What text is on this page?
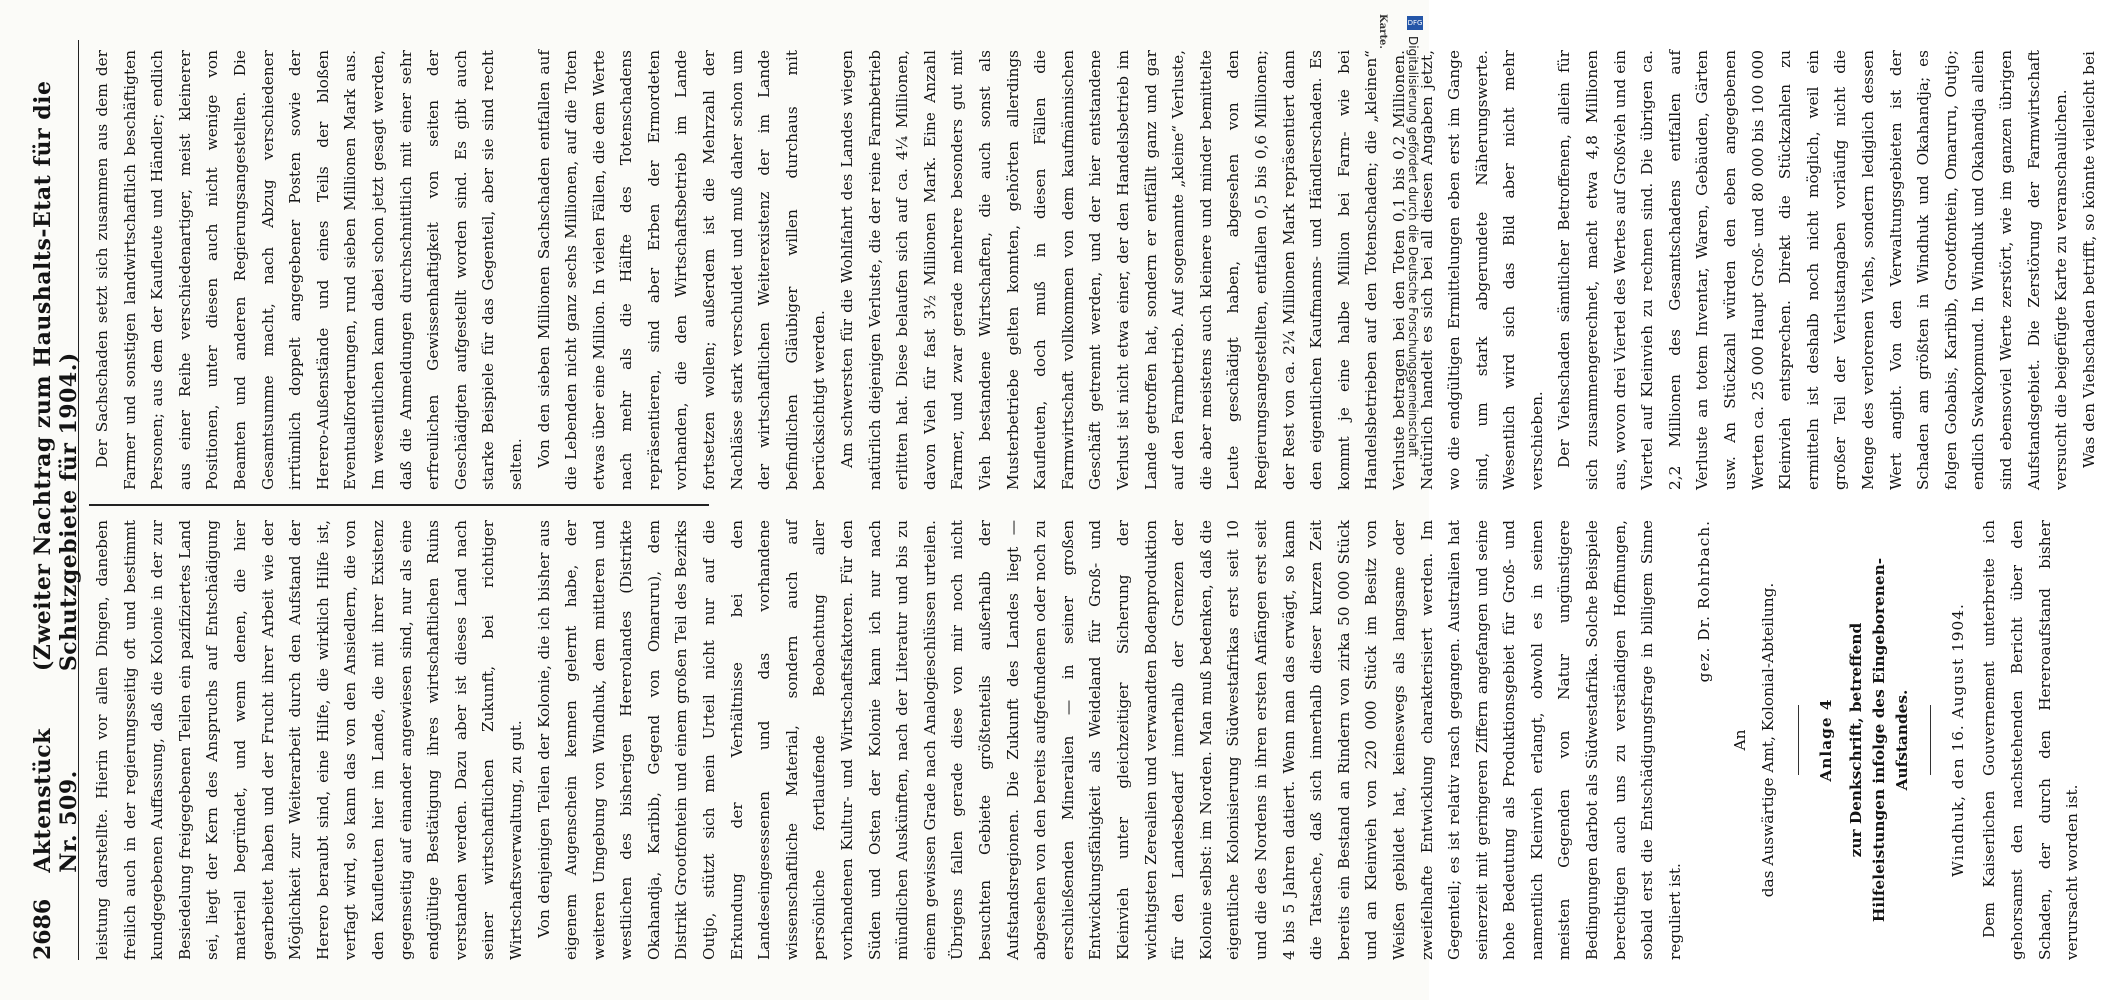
2686
Aktenstück Nr. 509.
(Zweiter Nachtrag zum Haushalts-Etat für die Schutzgebiete für 1904.)

leistung darstellte. Hierin vor allen Dingen, daneben freilich auch in der regierungsseitig oft und bestimmt kundgegebenen Auffassung, daß die Kolonie in der zur Besiedelung freigegebenen Teilen ein pazifiziertes Land sei, liegt der Kern des Anspruchs auf Entschädigung materiell begründet, und wenn denen, die hier gearbeitet haben und der Frucht ihrer Arbeit wie der Möglichkeit zur Weiterarbeit durch den Aufstand der Herero beraubt sind, eine Hilfe, die wirklich Hilfe ist, verfagt wird, so kann das von den Ansiedlern, die von den Kaufleuten hier im Lande, die mit ihrer Existenz gegenseitig auf einander angewiesen sind, nur als eine endgültige Bestätigung ihres wirtschaftlichen Ruins verstanden werden. Dazu aber ist dieses Land nach seiner wirtschaftlichen Zukunft, bei richtiger Wirtschaftsverwaltung, zu gut. Von denjenigen Teilen der Kolonie, die ich bisher aus eigenem Augenschein kennen gelernt habe, der weiteren Umgebung von Windhuk, dem mittleren und westlichen des bisherigen Hererolandes (Distrikte Okahandja, Karibib, Gegend von Omaruru), dem Distrikt Grootfontein und einem großen Teil des Bezirks Outjo, stützt sich mein Urteil nicht nur auf die Erkundung der Verhältnisse bei den Landeseingesessenen und das vorhandene wissenschaftliche Material, sondern auch auf persönliche fortlaufende Beobachtung aller vorhandenen Kultur- und Wirtschaftsfaktoren. Für den Süden und Osten der Kolonie kann ich nur nach mündlichen Auskünften, nach der Literatur und bis zu einem gewissen Grade nach Analogieschlüssen urteilen. Übrigens fallen gerade diese von mir noch nicht besuchten Gebiete größtenteils außerhalb der Aufstandsregionen. Die Zukunft des Landes liegt — abgesehen von den bereits aufgefundenen oder noch zu erschließenden Mineralien — in seiner großen Entwicklungsfähigkeit als Weideland für Groß- und Kleinvieh unter gleichzeitiger Sicherung der wichtigsten Zerealien und verwandten Bodenproduktion für den Landesbedarf innerhalb der Grenzen der Kolonie selbst: im Norden. Man muß bedenken, daß die eigentliche Kolonisierung Südwestafrikas erst seit 10 und die des Nordens in ihren ersten Anfängen erst seit 4 bis 5 Jahren datiert. Wenn man das erwägt, so kann die Tatsache, daß sich innerhalb dieser kurzen Zeit bereits ein Bestand an Rindern von zirka 50 000 Stück und an Kleinvieh von 220 000 Stück im Besitz von Weißen gebildet hat, keineswegs als langsame oder zweifelhafte Entwicklung charakterisiert werden. Im Gegenteil; es ist relativ rasch gegangen. Australien hat seinerzeit mit geringeren Ziffern angefangen und seine hohe Bedeutung als Produktionsgebiet für Groß- und namentlich Kleinvieh erlangt, obwohl es in seinen meisten Gegenden von Natur ungünstigere Bedingungen darbot als Südwestafrika. Solche Beispiele berechtigen auch uns zu verständigen Hoffnungen, sobald erst die Entschädigungsfrage in billigem Sinne reguliert ist.

gez. Dr. Rohrbach.
An das Auswärtige Amt, Kolonial-Abteilung.	Anlage 4 zur Denkschrift, betreffend Hilfeleistungen infolge des Eingeborenen-Aufstandes. Windhuk, den 16. August 1904. Dem Kaiserlichen Gouvernement unterbreite ich gehorsamst den nachstehenden Bericht über den Schaden, der durch den Hereroaufstand bisher verursacht worden ist.

Der Sachschaden setzt sich zusammen aus dem der Farmer und sonstigen landwirtschaftlich beschäftigten Personen; aus dem der Kaufleute und Händler; endlich aus einer Reihe verschiedenartiger, meist kleinerer Positionen, unter diesen auch nicht wenige von Beamten und anderen Regierungsangestellten. Die Gesamtsumme macht, nach Abzug verschiedener irrtümlich doppelt angegebener Posten sowie der Herero-Außenstände und eines Teils der bloßen Eventualforderungen, rund sieben Millionen Mark aus. Im wesentlichen kann dabei schon jetzt gesagt werden, daß die Anmeldungen durchschnittlich mit einer sehr erfreulichen Gewissenhaftigkeit von seiten der Geschädigten aufgestellt worden sind. Es gibt auch starke Beispiele für das Gegenteil, aber sie sind recht selten. Von den sieben Millionen Sachschaden entfallen auf die Lebenden nicht ganz sechs Millionen, auf die Toten etwas über eine Million. In vielen Fällen, die dem Werte nach mehr als die Hälfte des Totenschadens repräsentieren, sind aber Erben der Ermordeten vorhanden, die den Wirtschaftsbetrieb im Lande fortsetzen wollen; außerdem ist die Mehrzahl der Nachlässe stark verschuldet und muß daher schon um der wirtschaftlichen Weiterexistenz der im Lande befindlichen Gläubiger willen durchaus mit berücksichtigt werden. Am schwersten für die Wohlfahrt des Landes wiegen natürlich diejenigen Verluste, die der reine Farmbetrieb erlitten hat. Diese belaufen sich auf ca. 4¼ Millionen, davon Vieh für fast 3½ Millionen Mark. Eine Anzahl Farmer, und zwar gerade mehrere besonders gut mit Vieh bestandene Wirtschaften, die auch sonst als Musterbetriebe gelten konnten, gehörten allerdings Kaufleuten, doch muß in diesen Fällen die Farmwirtschaft vollkommen von dem kaufmännischen Geschäft getrennt werden, und der hier entstandene Verlust ist nicht etwa einer, der den Handelsbetrieb im Lande getroffen hat, sondern er entfällt ganz und gar auf den Farmbetrieb. Auf sogenannte „kleine“ Verluste, die aber meistens auch kleinere und minder bemittelte Leute geschädigt haben, abgesehen von den Regierungsangestellten, entfallen 0,5 bis 0,6 Millionen; der Rest von ca. 2¼ Millionen Mark repräsentiert dann den eigentlichen Kaufmanns- und Händlerschaden. Es kommt je eine halbe Million bei Farm- wie bei Handelsbetrieben auf den Totenschaden; die „kleinen“ Verluste betragen bei den Toten 0,1 bis 0,2 Millionen. Natürlich handelt es sich bei all diesen Angaben jetzt, wo die endgültigen Ermittelungen eben erst im Gange sind, um stark abgerundete Näherungswerte. Wesentlich wird sich das Bild aber nicht mehr verschieben. Der Viehschaden sämtlicher Betroffenen, allein für sich zusammengerechnet, macht etwa 4,8 Millionen aus, wovon drei Viertel des Wertes auf Großvieh und ein Viertel auf Kleinvieh zu rechnen sind. Die übrigen ca. 2,2 Millionen des Gesamtschadens entfallen auf Verluste an totem Inventar, Waren, Gebäuden, Gärten usw. An Stückzahl würden den eben angegebenen Werten ca. 25 000 Haupt Groß- und 80 000 bis 100 000 Kleinvieh entsprechen. Direkt die Stückzahlen zu ermitteln ist deshalb noch nicht möglich, weil ein großer Teil der Verlustangaben vorläufig nicht die Menge des verlorenen Viehs, sondern lediglich dessen Wert angibt. Von den Verwaltungsgebieten ist der Schaden am größten in Windhuk und Okahandja; es folgen Gobabis, Karibib, Grootfontein, Omaruru, Outjo; endlich Swakopmund. In Windhuk und Okahandja allein sind ebensoviel Werte zerstört, wie im ganzen übrigen Aufstandsgebiet. Die Zerstörung der Farmwirtschaft versucht die beigefügte Karte zu veranschaulichen. Was den Viehschaden betrifft, so könnte vielleicht bei

Karte.	DFG
Digitalisierung gefördert durch die Deutsche Forschungsgemeinschaft
